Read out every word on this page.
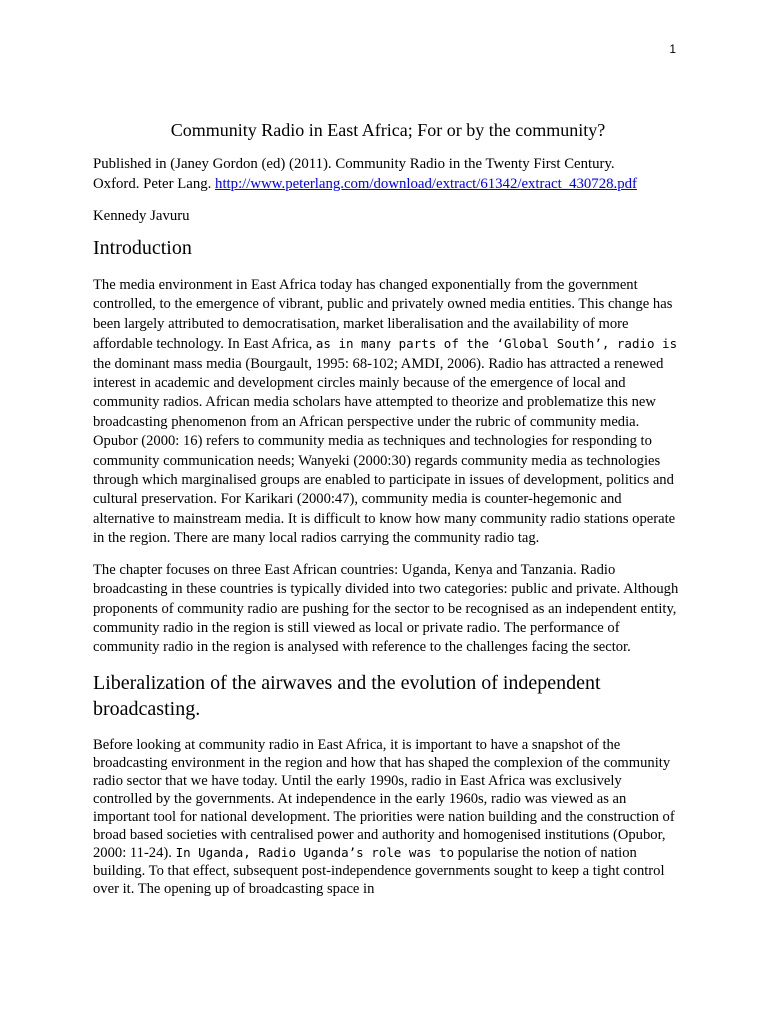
1
Community Radio in East Africa; For or by the community?
Published in (Janey Gordon (ed) (2011). Community Radio in the Twenty First Century.
Oxford. Peter Lang. http://www.peterlang.com/download/extract/61342/extract_430728.pdf
Kennedy Javuru
Introduction

The media environment in East Africa today has changed exponentially from the government controlled, to the emergence of vibrant, public and privately owned media entities. This change has been largely attributed to democratisation, market liberalisation and the availability of more affordable technology. In East Africa, as in many parts of the ‘Global South’, radio is the dominant mass media (Bourgault, 1995: 68-102; AMDI, 2006). Radio has attracted a renewed interest in academic and development circles mainly because of the emergence of local and community radios. African media scholars have attempted to theorize and problematize this new broadcasting phenomenon from an African perspective under the rubric of community media. Opubor (2000: 16) refers to community media as techniques and technologies for responding to community communication needs; Wanyeki (2000:30) regards community media as technologies through which marginalised groups are enabled to participate in issues of development, politics and cultural preservation. For Karikari (2000:47), community media is counter-hegemonic and alternative to mainstream media. It is difficult to know how many community radio stations operate in the region. There are many local radios carrying the community radio tag.

The chapter focuses on three East African countries: Uganda, Kenya and Tanzania. Radio broadcasting in these countries is typically divided into two categories: public and private. Although proponents of community radio are pushing for the sector to be recognised as an independent entity, community radio in the region is still viewed as local or private radio. The performance of community radio in the region is analysed with reference to the challenges facing the sector.

Liberalization of the airwaves and the evolution of independent broadcasting.

Before looking at community radio in East Africa, it is important to have a snapshot of the broadcasting environment in the region and how that has shaped the complexion of the community radio sector that we have today. Until the early 1990s, radio in East Africa was exclusively controlled by the governments. At independence in the early 1960s, radio was viewed as an important tool for national development. The priorities were nation building and the construction of broad based societies with centralised power and authority and homogenised institutions (Opubor, 2000: 11-24). In Uganda, Radio Uganda’s role was to popularise the notion of nation building. To that effect, subsequent post-independence governments sought to keep a tight control over it. The opening up of broadcasting space in
